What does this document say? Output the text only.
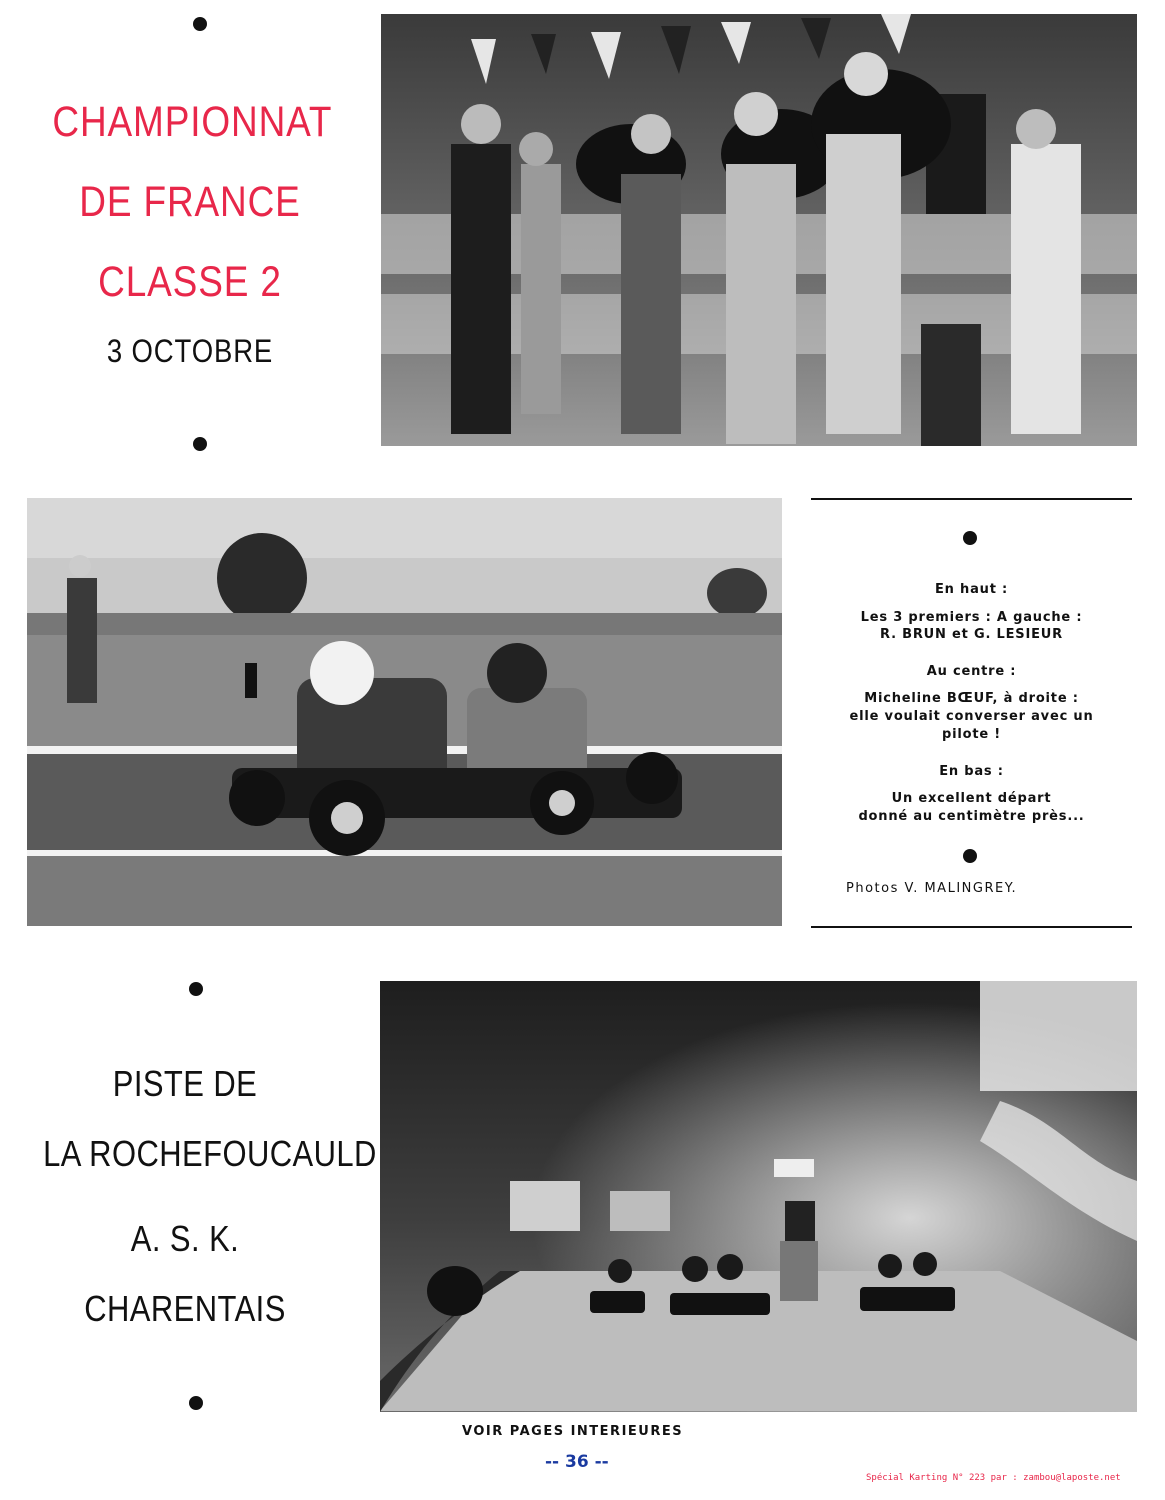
CHAMPIONNAT
DE FRANCE
CLASSE 2
3 OCTOBRE
En haut :
Les 3 premiers : A gauche :
R. BRUN et G. LESIEUR
Au centre :
Micheline BŒUF, à droite :
elle voulait converser avec un
pilote !
En bas :
Un excellent départ
donné au centimètre près...
Photos V. MALINGREY.
PISTE DE
LA ROCHEFOUCAULD
A. S. K.
CHARENTAIS
VOIR PAGES INTERIEURES
-- 36 --
Spécial Karting N° 223 par : zambou@laposte.net
